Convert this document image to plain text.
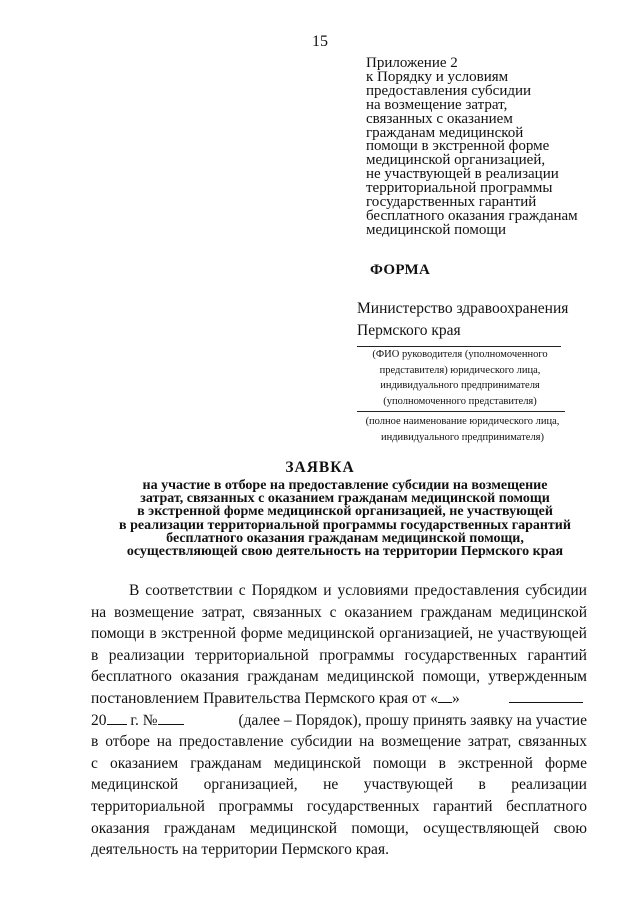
15
Приложение 2
к Порядку и условиям
предоставления субсидии
на возмещение затрат,
связанных с оказанием
гражданам медицинской
помощи в экстренной форме
медицинской организацией,
не участвующей в реализации
территориальной программы
государственных гарантий
бесплатного оказания гражданам
медицинской помощи
ФОРМА
Министерство здравоохранения
Пермского края
(ФИО руководителя (уполномоченного
представителя) юридического лица,
индивидуального предпринимателя
(уполномоченного представителя)
(полное наименование юридического лица,
индивидуального предпринимателя)
ЗАЯВКА
на участие в отборе на предоставление субсидии на возмещение
затрат, связанных с оказанием гражданам медицинской помощи
в экстренной форме медицинской организацией, не участвующей
в реализации территориальной программы государственных гарантий
бесплатного оказания гражданам медицинской помощи,
осуществляющей свою деятельность на территории Пермского края
В соответствии с Порядком и условиями предоставления субсидии
на возмещение затрат, связанных с оказанием гражданам медицинской
помощи в экстренной форме медицинской организацией, не участвующей
в реализации территориальной программы государственных гарантий
бесплатного оказания гражданам медицинской помощи, утвержденным
постановлением Правительства Пермского края от « »
20 г. №	(далее – Порядок), прошу принять заявку на участие
в отборе на предоставление субсидии на возмещение затрат, связанных
с оказанием гражданам медицинской помощи в экстренной форме
медицинской организацией, не участвующей в реализации
территориальной программы государственных гарантий бесплатного
оказания гражданам медицинской помощи, осуществляющей свою
деятельность на территории Пермского края.
